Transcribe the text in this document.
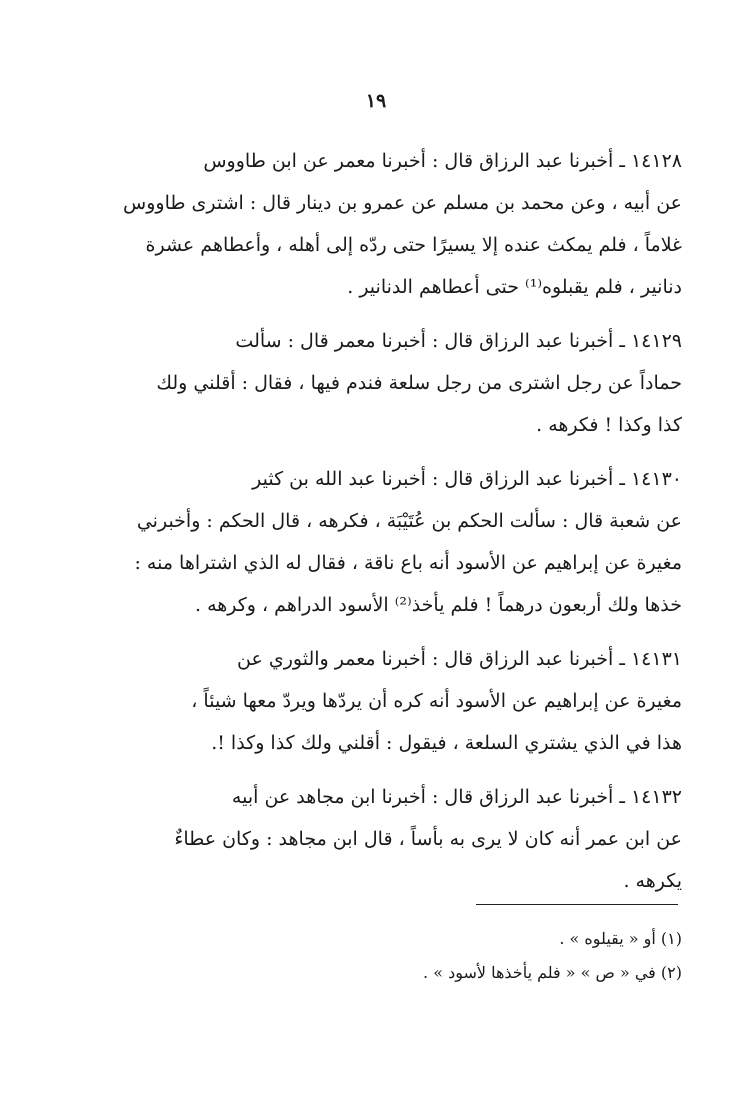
١٩
١٤١٢٨ ـ أخبرنا عبد الرزاق قال : أخبرنا معمر عن ابن طاووس
عن أبيه ، وعن محمد بن مسلم عن عمرو بن دينار قال : اشترى طاووس
غلاماً ، فلم يمكث عنده إلا يسيرًا حتى ردّه إلى أهله ، وأعطاهم عشرة
دنانير ، فلم يقبلوه⁽¹⁾ حتى أعطاهم الدنانير .
١٤١٢٩ ـ أخبرنا عبد الرزاق قال : أخبرنا معمر قال : سألت
حماداً عن رجل اشترى من رجل سلعة فندم فيها ، فقال : أقلني ولك
كذا وكذا ! فكرهه .
١٤١٣٠ ـ أخبرنا عبد الرزاق قال : أخبرنا عبد الله بن كثير
عن شعبة قال : سألت الحكم بن عُتَيْبَة ، فكرهه ، قال الحكم : وأخبرني
مغيرة عن إبراهيم عن الأسود أنه باع ناقة ، فقال له الذي اشتراها منه :
خذها ولك أربعون درهماً ! فلم يأخذ⁽²⁾ الأسود الدراهم ، وكرهه .
١٤١٣١ ـ أخبرنا عبد الرزاق قال : أخبرنا معمر والثوري عن
مغيرة عن إبراهيم عن الأسود أنه كره أن يردّها ويردّ معها شيئاً ،
هذا في الذي يشتري السلعة ، فيقول : أقلني ولك كذا وكذا !.
١٤١٣٢ ـ أخبرنا عبد الرزاق قال : أخبرنا ابن مجاهد عن أبيه
عن ابن عمر أنه كان لا يرى به بأساً ، قال ابن مجاهد : وكان عطاءٌ
يكرهه .
(١) أو « يقيلوه » .
(٢) في « ص » « فلم يأخذها لأسود » .
